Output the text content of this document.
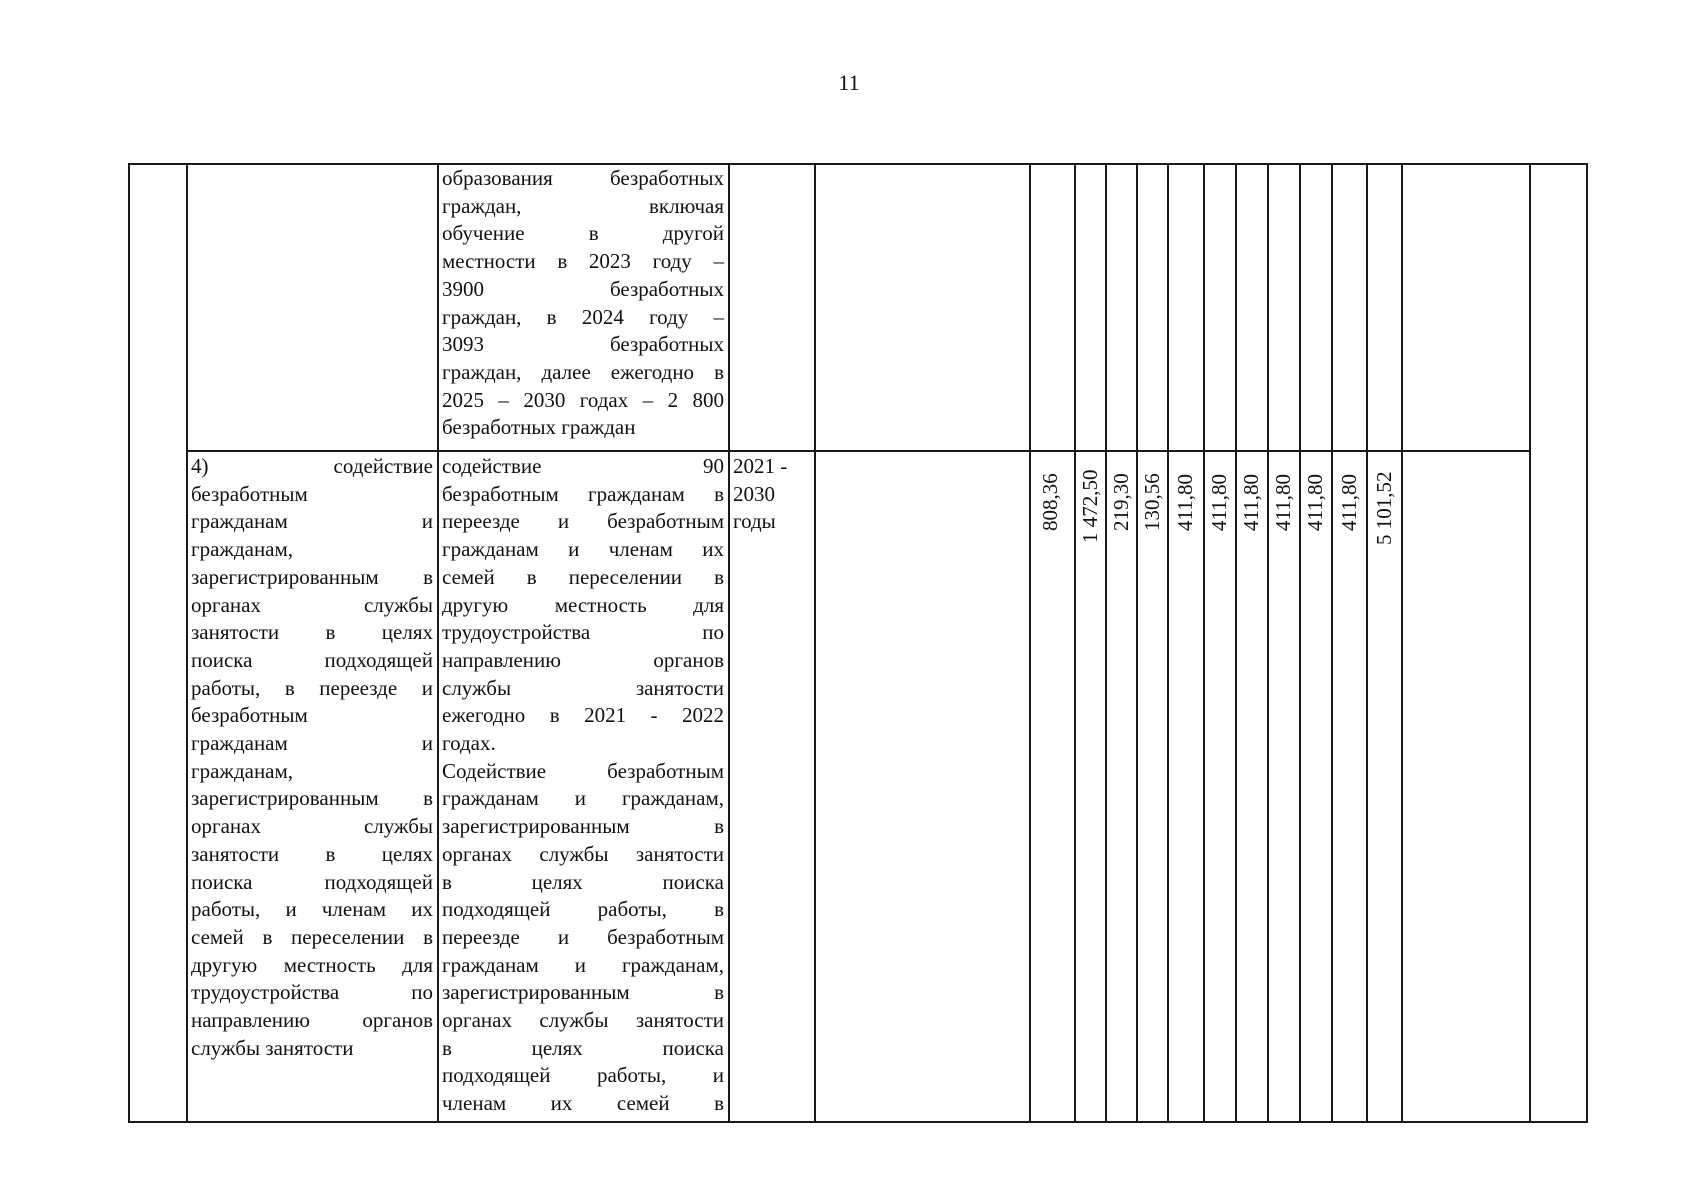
11
образования безработных
граждан, включая
обучение в другой
местности в 2023 году –
3900 безработных
граждан, в 2024 году –
3093 безработных
граждан, далее ежегодно в
2025 – 2030 годах – 2 800
безработных граждан
4) содействие
безработным
гражданам и
гражданам,
зарегистрированным в
органах службы
занятости в целях
поиска подходящей
работы, в переезде и
безработным
гражданам и
гражданам,
зарегистрированным в
органах службы
занятости в целях
поиска подходящей
работы, и членам их
семей в переселении в
другую местность для
трудоустройства по
направлению органов
службы занятости
содействие 90
безработным гражданам в
переезде и безработным
гражданам и членам их
семей в переселении в
другую местность для
трудоустройства по
направлению органов
службы занятости
ежегодно в 2021 - 2022
годах.
Содействие безработным
гражданам и гражданам,
зарегистрированным в
органах службы занятости
в целях поиска
подходящей работы, в
переезде и безработным
гражданам и гражданам,
зарегистрированным в
органах службы занятости
в целях поиска
подходящей работы, и
членам их семей в
2021 -
2030
годы	808,36 1 472,50 219,30 130,56 411,80 411,80 411,80 411,80 411,80 411,80 5 101,52
